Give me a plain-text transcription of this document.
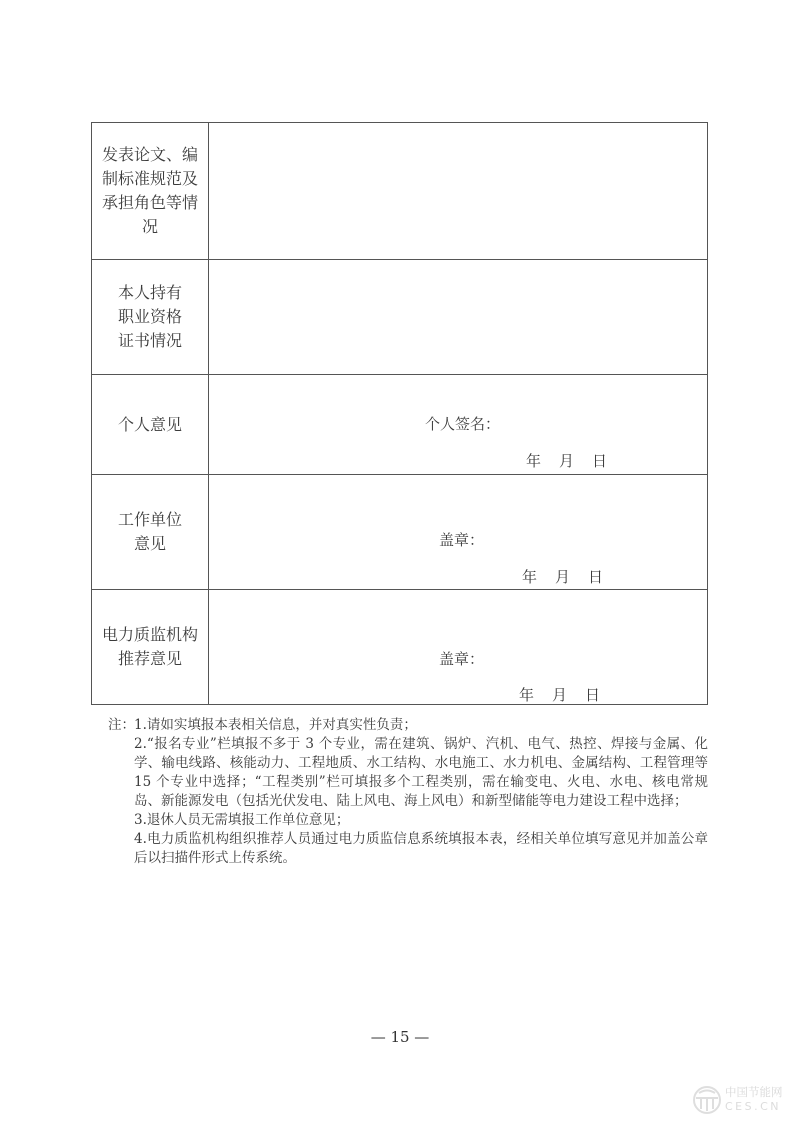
发表论文、编
制标准规范及
承担角色等情
况	

本人持有
职业资格
证书情况	

个人意见	个人签名：
年 月 日

工作单位
意见	盖章：
年 月 日

电力质监机构
推荐意见	盖章：
年 月 日
注： 1.请如实填报本表相关信息，并对真实性负责；
2.“报名专业”栏填报不多于 3 个专业，需在建筑、锅炉、汽机、电气、热控、焊接与金属、化学、输电线路、核能动力、工程地质、水工结构、水电施工、水力机电、金属结构、工程管理等 15 个专业中选择；“工程类别”栏可填报多个工程类别，需在输变电、火电、水电、核电常规岛、新能源发电（包括光伏发电、陆上风电、海上风电）和新型储能等电力建设工程中选择；
3.退休人员无需填报工作单位意见；
4.电力质监机构组织推荐人员通过电力质监信息系统填报本表，经相关单位填写意见并加盖公章后以扫描件形式上传系统。
— 15 —
中国节能网
CES.CN
